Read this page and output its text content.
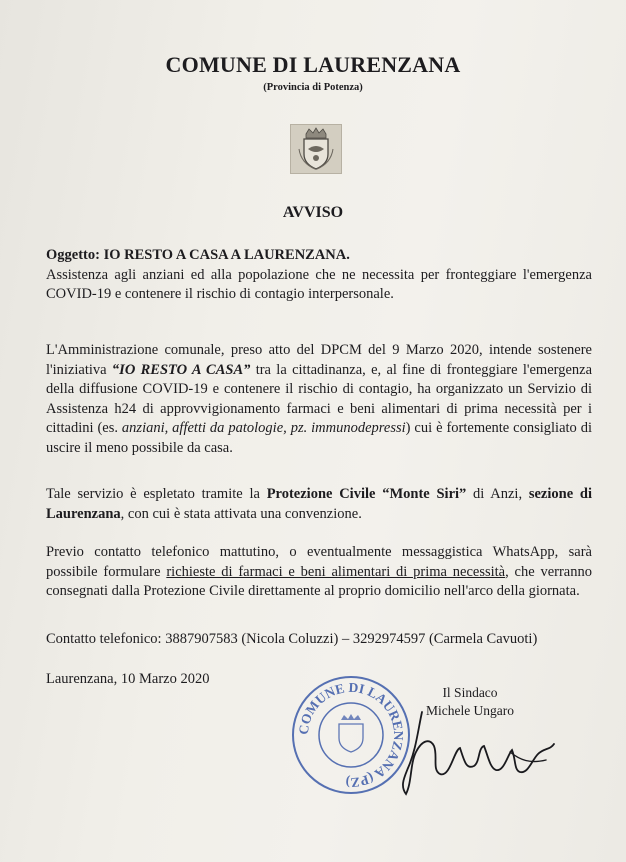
COMUNE DI LAURENZANA
(Provincia di Potenza)
AVVISO
Oggetto: IO RESTO A CASA A LAURENZANA.
Assistenza agli anziani ed alla popolazione che ne necessita per fronteggiare l'emergenza COVID-19 e contenere il rischio di contagio interpersonale.
L'Amministrazione comunale, preso atto del DPCM del 9 Marzo 2020, intende sostenere l'iniziativa “IO RESTO A CASA” tra la cittadinanza, e, al fine di fronteggiare l'emergenza della diffusione COVID-19 e contenere il rischio di contagio, ha organizzato un Servizio di Assistenza h24 di approvvigionamento farmaci e beni alimentari di prima necessità per i cittadini (es. anziani, affetti da patologie, pz. immunodepressi) cui è fortemente consigliato di uscire il meno possibile da casa.
Tale servizio è espletato tramite la Protezione Civile “Monte Siri” di Anzi, sezione di Laurenzana, con cui è stata attivata una convenzione.
Previo contatto telefonico mattutino, o eventualmente messaggistica WhatsApp, sarà possibile formulare richieste di farmaci e beni alimentari di prima necessità, che verranno consegnati dalla Protezione Civile direttamente al proprio domicilio nell'arco della giornata.
Contatto telefonico: 3887907583 (Nicola Coluzzi) – 3292974597 (Carmela Cavuoti)
Laurenzana, 10 Marzo 2020
COMUNE DI LAURENZANA (PZ)
Il Sindaco
Michele Ungaro
